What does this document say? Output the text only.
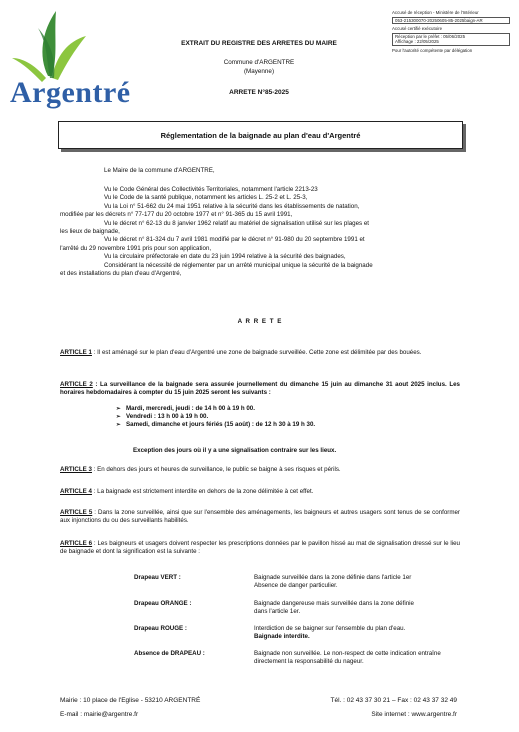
Argentré
EXTRAIT DU REGISTRE DES ARRETES DU MAIRE
Commune d'ARGENTRE
(Mayenne)
ARRETE N°85-2025
Accusé de réception - Ministère de l'Intérieur
053-215300070-20250605-85-2025baign-AR
Accusé certifié exécutoire
Réception par le préfet : 05/06/2025
Affichage : 22/05/2025
Pour l'autorité compétente par délégation
Réglementation de la baignade au plan d'eau d'Argentré
Le Maire de la commune d'ARGENTRE,
Vu le Code Général des Collectivités Territoriales, notamment l'article 2213-23
Vu le Code de la santé publique, notamment les articles L. 25-2 et L. 25-3,
Vu la Loi n° 51-662 du 24 mai 1951 relative à la sécurité dans les établissements de natation,
modifiée par les décrets n° 77-177 du 20 octobre 1977 et n° 91-365 du 15 avril 1991,
Vu le décret n° 62-13 du 8 janvier 1962 relatif au matériel de signalisation utilisé sur les plages et
les lieux de baignade,
Vu le décret n° 81-324 du 7 avril 1981 modifié par le décret n° 91-980 du 20 septembre 1991 et
l'arrêté du 29 novembre 1991 pris pour son application,
Vu la circulaire préfectorale en date du 23 juin 1994 relative à la sécurité des baignades,
Considérant la nécessité de réglementer par un arrêté municipal unique la sécurité de la baignade
et des installations du plan d'eau d'Argentré,
A R R E T E
ARTICLE 1 : Il est aménagé sur le plan d'eau d'Argentré une zone de baignade surveillée. Cette zone est délimitée par des bouées.
ARTICLE 2 : La surveillance de la baignade sera assurée journellement du dimanche 15 juin au dimanche 31 aout 2025 inclus. Les horaires hebdomadaires à compter du 15 juin 2025 seront les suivants :
➢ Mardi, mercredi, jeudi : de 14 h 00 à 19 h 00.
➢ Vendredi : 13 h 00 à 19 h 00.
➢ Samedi, dimanche et jours fériés (15 août) : de 12 h 30 à 19 h 30.
Exception des jours où il y a une signalisation contraire sur les lieux.
ARTICLE 3 : En dehors des jours et heures de surveillance, le public se baigne à ses risques et périls.
ARTICLE 4 : La baignade est strictement interdite en dehors de la zone délimitée à cet effet.
ARTICLE 5 : Dans la zone surveillée, ainsi que sur l'ensemble des aménagements, les baigneurs et autres usagers sont tenus de se conformer aux injonctions du ou des surveillants habilités.
ARTICLE 6 : Les baigneurs et usagers doivent respecter les prescriptions données par le pavillon hissé au mat de signalisation dressé sur le lieu de baignade et dont la signification est la suivante :
Drapeau VERT :	Baignade surveillée dans la zone définie dans l'article 1er
Absence de danger particulier.
Drapeau ORANGE :	Baignade dangereuse mais surveillée dans la zone définie
dans l'article 1er.
Drapeau ROUGE :	Interdiction de se baigner sur l'ensemble du plan d'eau.
Baignade interdite.
Absence de DRAPEAU :	Baignade non surveillée. Le non-respect de cette indication entraîne
directement la responsabilité du nageur.
Mairie : 10 place de l'Eglise - 53210 ARGENTRÉ
E-mail : mairie@argentre.fr
Tél. : 02 43 37 30 21 – Fax : 02 43 37 32 49
Site internet : www.argentre.fr
